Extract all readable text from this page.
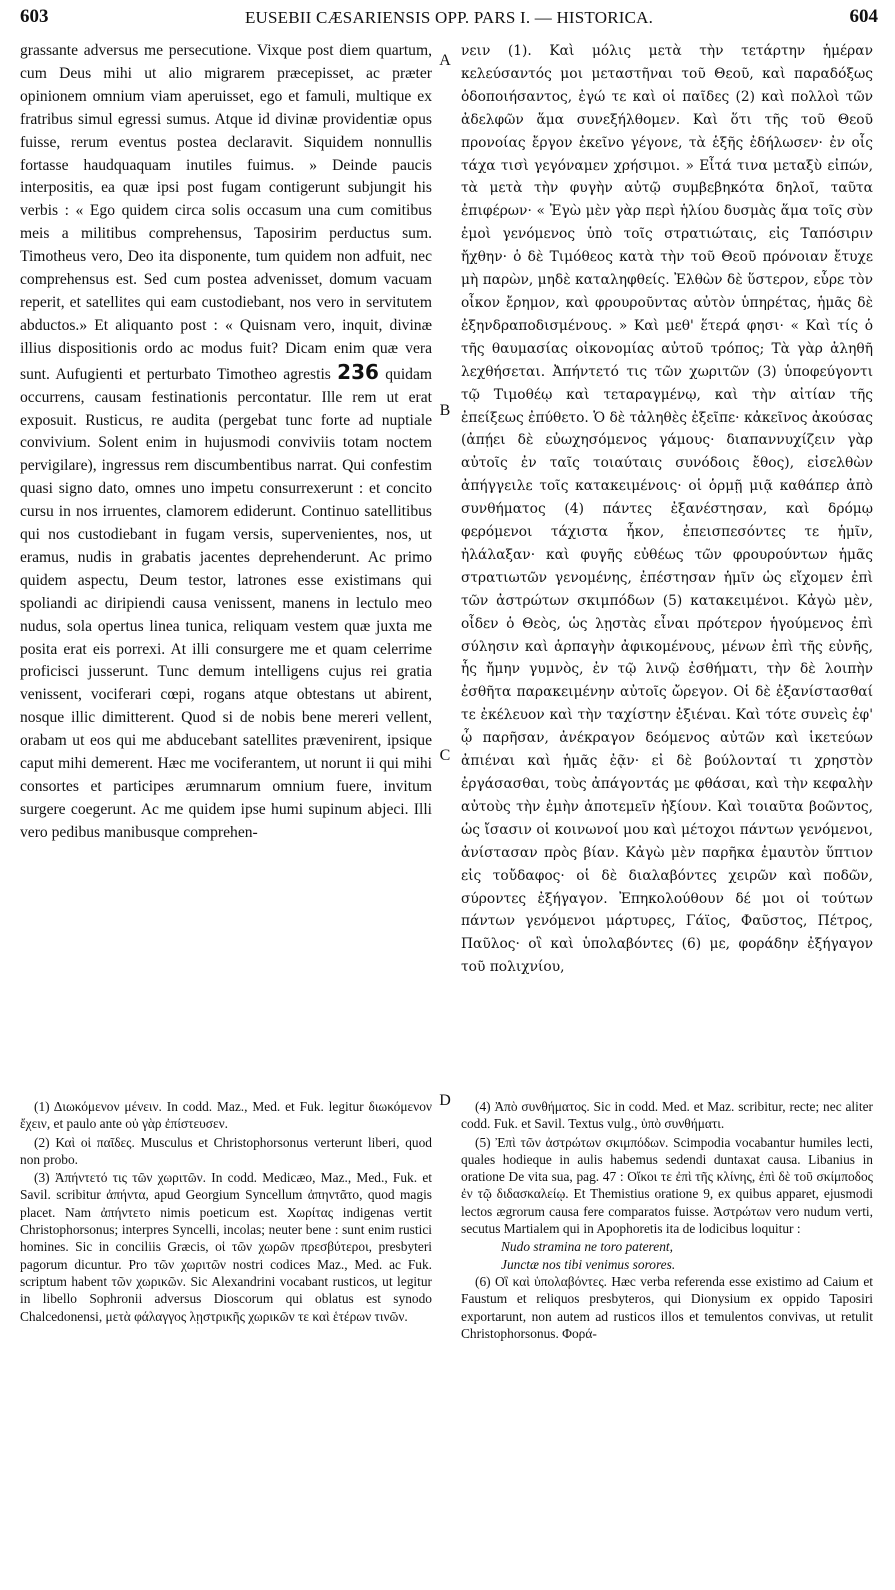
603	EUSEBII CÆSARIENSIS OPP. PARS I. — HISTORICA.	604

grassante adversus me persecutione. Vixque post diem quartum, cum Deus mihi ut alio migrarem præcepisset, ac præter opinionem omnium viam aperuisset, ego et famuli, multique ex fratribus simul egressi sumus. Atque id divinæ providentiæ opus fuisse, rerum eventus postea declaravit. Siquidem nonnullis fortasse haudquaquam inutiles fuimus. » Deinde paucis interpositis, ea quæ ipsi post fugam contigerunt subjungit his verbis : « Ego quidem circa solis occasum una cum comitibus meis a militibus comprehensus, Taposirim perductus sum. Timotheus vero, Deo ita disponente, tum quidem non adfuit, nec comprehensus est. Sed cum postea advenisset, domum vacuam reperit, et satellites qui eam custodiebant, nos vero in servitutem abductos.» Et aliquanto post : « Quisnam vero, inquit, divinæ illius dispositionis ordo ac modus fuit? Dicam enim quæ vera sunt. Aufugienti et perturbato Timotheo agrestis 236 quidam occurrens, causam festinationis percontatur. Ille rem ut erat exposuit. Rusticus, re audita (pergebat tunc forte ad nuptiale convivium. Solent enim in hujusmodi conviviis totam noctem pervigilare), ingressus rem discumbentibus narrat. Qui confestim quasi signo dato, omnes uno impetu consurrexerunt : et concito cursu in nos irruentes, clamorem ediderunt. Continuo satellitibus qui nos custodiebant in fugam versis, supervenientes, nos, ut eramus, nudis in grabatis jacentes deprehenderunt. Ac primo quidem aspectu, Deum testor, latrones esse existimans qui spoliandi ac diripiendi causa venissent, manens in lectulo meo nudus, sola opertus linea tunica, reliquam vestem quæ juxta me posita erat eis porrexi. At illi consurgere me et quam celerrime proficisci jusserunt. Tunc demum intelligens cujus rei gratia venissent, vociferari cœpi, rogans atque obtestans ut abirent, nosque illic dimitterent. Quod si de nobis bene mereri vellent, orabam ut eos qui me abducebant satellites prævenirent, ipsique caput mihi demerent. Hæc me vociferantem, ut norunt ii qui mihi consortes et participes ærumnarum omnium fuere, invitum surgere coegerunt. Ac me quidem ipse humi supinum abjeci. Illi vero pedibus manibusque comprehen-

A
B
C
D

νειν (1). Καὶ μόλις μετὰ τὴν τετάρτην ἡμέραν κελεύσαντός μοι μεταστῆναι τοῦ Θεοῦ, καὶ παραδόξως ὁδοποιήσαντος, ἐγώ τε καὶ οἱ παῖδες (2) καὶ πολλοὶ τῶν ἀδελφῶν ἅμα συνεξήλθομεν. Καὶ ὅτι τῆς τοῦ Θεοῦ προνοίας ἔργον ἐκεῖνο γέγονε, τὰ ἑξῆς ἐδήλωσεν· ἐν οἷς τάχα τισὶ γεγόναμεν χρήσιμοι. » Εἶτά τινα μεταξὺ εἰπών, τὰ μετὰ τὴν φυγὴν αὐτῷ συμβεβηκότα δηλοῖ, ταῦτα ἐπιφέρων· « Ἐγὼ μὲν γὰρ περὶ ἡλίου δυσμὰς ἅμα τοῖς σὺν ἐμοὶ γενόμενος ὑπὸ τοῖς στρατιώταις, εἰς Ταπόσιριν ἤχθην· ὁ δὲ Τιμόθεος κατὰ τὴν τοῦ Θεοῦ πρόνοιαν ἔτυχε μὴ παρὼν, μηδὲ καταληφθείς. Ἐλθὼν δὲ ὕστερον, εὗρε τὸν οἶκον ἔρημον, καὶ φρουροῦντας αὐτὸν ὑπηρέτας, ἡμᾶς δὲ ἐξηνδραποδισμένους. » Καὶ μεθ' ἕτερά φησι· « Καὶ τίς ὁ τῆς θαυμασίας οἰκονομίας αὐτοῦ τρόπος; Τὰ γὰρ ἀληθῆ λεχθήσεται. Ἀπήντετό τις τῶν χωριτῶν (3) ὑποφεύγοντι τῷ Τιμοθέῳ καὶ τεταραγμένῳ, καὶ τὴν αἰτίαν τῆς ἐπείξεως ἐπύθετο. Ὁ δὲ τἀληθὲς ἐξεῖπε· κἀκεῖνος ἀκούσας (ἀπῄει δὲ εὐωχησόμενος γάμους· διαπαννυχίζειν γὰρ αὐτοῖς ἐν ταῖς τοιαύταις συνόδοις ἔθος), εἰσελθὼν ἀπήγγειλε τοῖς κατακειμένοις· οἱ ὁρμῇ μιᾷ καθάπερ ἀπὸ συνθήματος (4) πάντες ἐξανέστησαν, καὶ δρόμῳ φερόμενοι τάχιστα ἧκον, ἐπεισπεσόντες τε ἡμῖν, ἠλάλαξαν· καὶ φυγῆς εὐθέως τῶν φρουρούντων ἡμᾶς στρατιωτῶν γενομένης, ἐπέστησαν ἡμῖν ὡς εἴχομεν ἐπὶ τῶν ἀστρώτων σκιμπόδων (5) κατακειμένοι. Κἀγὼ μὲν, οἶδεν ὁ Θεὸς, ὡς λῃστὰς εἶναι πρότερον ἡγούμενος ἐπὶ σύλησιν καὶ ἁρπαγὴν ἀφικομένους, μένων ἐπὶ τῆς εὐνῆς, ἧς ἤμην γυμνὸς, ἐν τῷ λινῷ ἐσθήματι, τὴν δὲ λοιπὴν ἐσθῆτα παρακειμένην αὐτοῖς ὤρεγον. Οἱ δὲ ἐξανίστασθαί τε ἐκέλευον καὶ τὴν ταχίστην ἐξιέναι. Καὶ τότε συνεὶς ἐφ' ᾧ παρῆσαν, ἀνέκραγον δεόμενος αὐτῶν καὶ ἱκετεύων ἀπιέναι καὶ ἡμᾶς ἐᾷν· εἰ δὲ βούλονταί τι χρηστὸν ἐργάσασθαι, τοὺς ἀπάγοντάς με φθάσαι, καὶ τὴν κεφαλὴν αὐτοὺς τὴν ἐμὴν ἀποτεμεῖν ἠξίουν. Καὶ τοιαῦτα βοῶντος, ὡς ἴσασιν οἱ κοινωνοί μου καὶ μέτοχοι πάντων γενόμενοι, ἀνίστασαν πρὸς βίαν. Κἀγὼ μὲν παρῆκα ἐμαυτὸν ὕπτιον εἰς τοὔδαφος· οἱ δὲ διαλαβόντες χειρῶν καὶ ποδῶν, σύροντες ἐξήγαγον. Ἐπηκολούθουν δέ μοι οἱ τούτων πάντων γενόμενοι μάρτυρες, Γάϊος, Φαῦστος, Πέτρος, Παῦλος· οἳ καὶ ὑπολαβόντες (6) με, φοράδην ἐξήγαγον τοῦ πολιχνίου,

(1) Διωκόμενον μένειν. In codd. Maz., Med. et Fuk. legitur διωκόμενον ἔχειν, et paulo ante οὐ γὰρ ἐπίστευσεν.

(2) Καὶ οἱ παῖδες. Musculus et Christophorsonus verterunt liberi, quod non probo.

(3) Ἀπήντετό τις τῶν χωριτῶν. In codd. Medicæo, Maz., Med., Fuk. et Savil. scribitur ἀπήντα, apud Georgium Syncellum ἀπηντᾶτο, quod magis placet. Nam ἀπήντετο nimis poeticum est. Χωρίτας indigenas vertit Christophorsonus; interpres Syncelli, incolas; neuter bene : sunt enim rustici homines. Sic in conciliis Græcis, οἱ τῶν χωρῶν πρεσβύτεροι, presbyteri pagorum dicuntur. Pro τῶν χωριτῶν nostri codices Maz., Med. ac Fuk. scriptum habent τῶν χωρικῶν. Sic Alexandrini vocabant rusticos, ut legitur in libello Sophronii adversus Dioscorum qui oblatus est synodo Chalcedonensi, μετὰ φάλαγγος λῃστρικῆς χωρικῶν τε καὶ ἑτέρων τινῶν.

(4) Ἀπὸ συνθήματος. Sic in codd. Med. et Maz. scribitur, recte; nec aliter codd. Fuk. et Savil. Textus vulg., ὑπὸ συνθήματι.

(5) Ἐπὶ τῶν ἀστρώτων σκιμπόδων. Scimpodia vocabantur humiles lecti, quales hodieque in aulis habemus sedendi duntaxat causa. Libanius in oratione De vita sua, pag. 47 : Οἴκοι τε ἐπὶ τῆς κλίνης, ἐπὶ δὲ τοῦ σκίμποδος ἐν τῷ διδασκαλείῳ. Et Themistius oratione 9, ex quibus apparet, ejusmodi lectos ægrorum causa fere comparatos fuisse. Ἀστρώτων vero nudum verti, secutus Martialem qui in Apophoretis ita de lodicibus loquitur :

Nudo stramina ne toro paterent,

Junctæ nos tibi venimus sorores.

(6) Οἳ καὶ ὑπολαβόντες. Hæc verba referenda esse existimo ad Caium et Faustum et reliquos presbyteros, qui Dionysium ex oppido Taposiri exportarunt, non autem ad rusticos illos et temulentos convivas, ut retulit Christophorsonus. Φορά-
